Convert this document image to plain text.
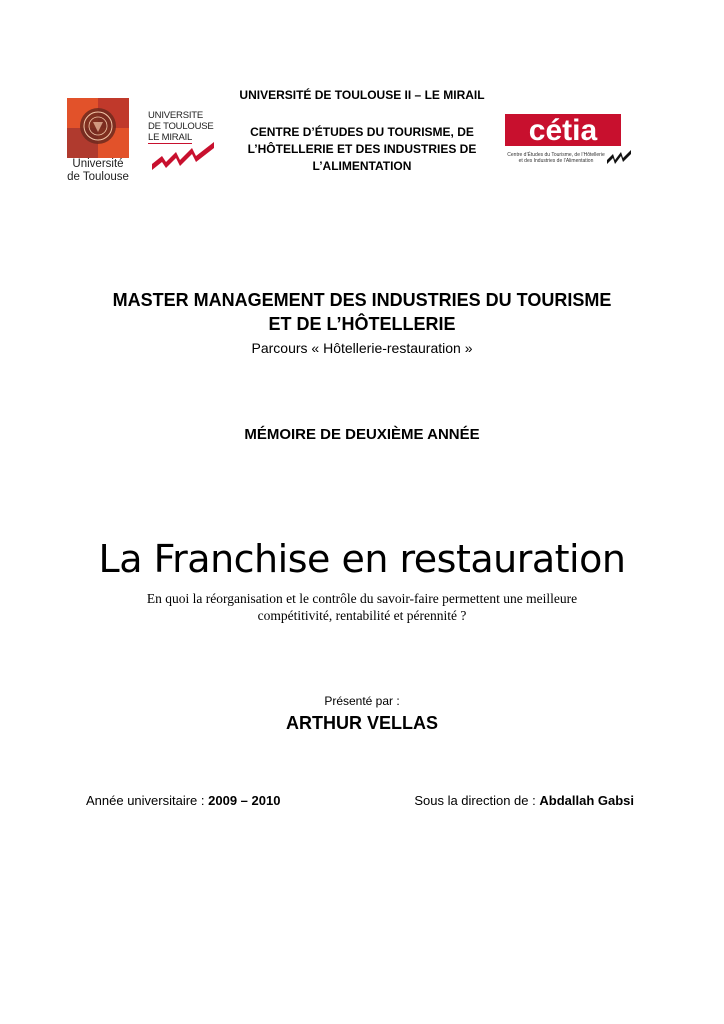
Université
de Toulouse
UNIVERSITE
DE TOULOUSE
LE MIRAIL
UNIVERSITÉ DE TOULOUSE II – LE MIRAIL
CENTRE D’ÉTUDES DU TOURISME, DE
L’HÔTELLERIE ET DES INDUSTRIES DE
L’ALIMENTATION
cétia
Centre d’Études du Tourisme, de l’Hôtellerie
et des Industries de l’Alimentation
MASTER MANAGEMENT DES INDUSTRIES DU TOURISME
ET DE L’HÔTELLERIE
Parcours « Hôtellerie-restauration »
MÉMOIRE DE DEUXIÈME ANNÉE
La Franchise en restauration
En quoi la réorganisation et le contrôle du savoir-faire permettent une meilleure
compétitivité, rentabilité et pérennité ?
Présenté par :
ARTHUR VELLAS
Année universitaire : 2009 – 2010	Sous la direction de : Abdallah Gabsi
